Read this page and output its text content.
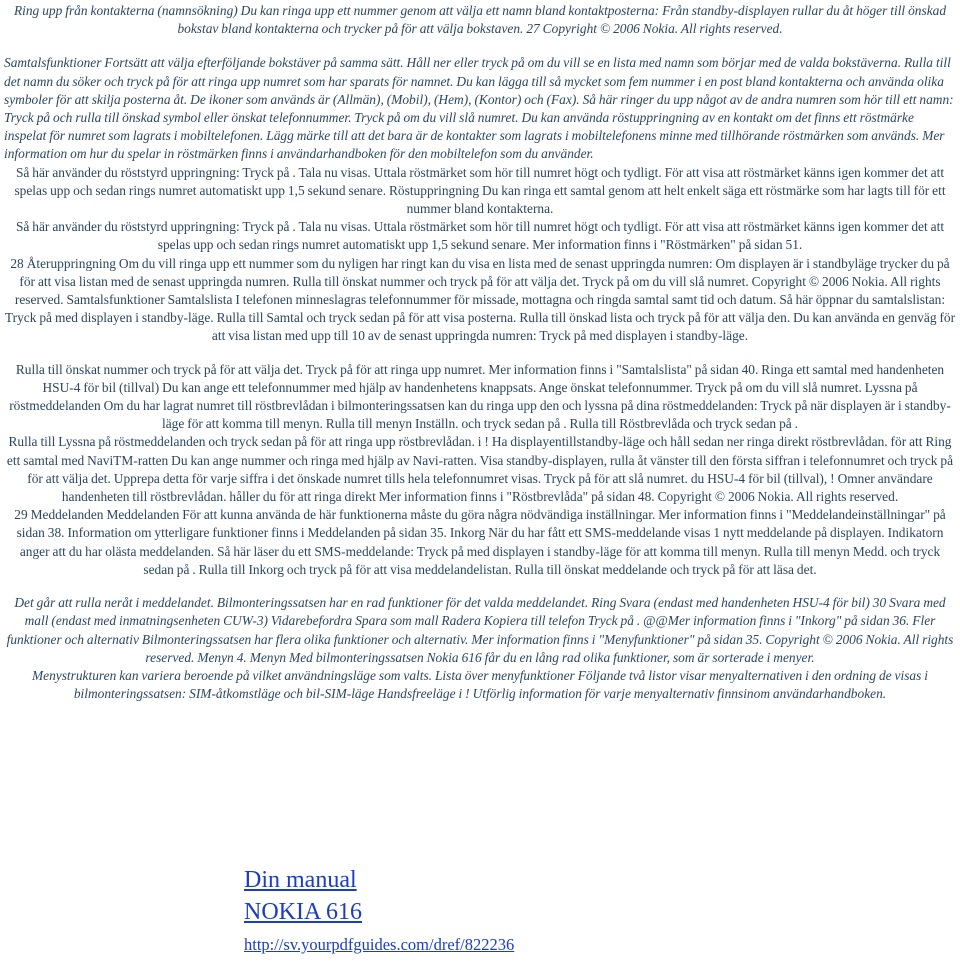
Ring upp från kontakterna (namnsökning) Du kan ringa upp ett nummer genom att välja ett namn bland kontaktposterna: Från standby-displayen rullar du åt höger till önskad bokstav bland kontakterna och trycker på för att välja bokstaven. 27 Copyright © 2006 Nokia. All rights reserved.

Samtalsfunktioner Fortsätt att välja efterföljande bokstäver på samma sätt. Håll ner eller tryck på om du vill se en lista med namn som börjar med de valda bokstäverna. Rulla till det namn du söker och tryck på för att ringa upp numret som har sparats för namnet. Du kan lägga till så mycket som fem nummer i en post bland kontakterna och använda olika symboler för att skilja posterna åt. De ikoner som används är (Allmän), (Mobil), (Hem), (Kontor) och (Fax). Så här ringer du upp något av de andra numren som hör till ett namn: Tryck på och rulla till önskad symbol eller önskat telefonnummer. Tryck på om du vill slå numret. Du kan använda röstuppringning av en kontakt om det finns ett röstmärke inspelat för numret som lagrats i mobiltelefonen. Lägg märke till att det bara är de kontakter som lagrats i mobiltelefonens minne med tillhörande röstmärken som används. Mer information om hur du spelar in röstmärken finns i användarhandboken för den mobiltelefon som du använder.

Så här använder du röststyrd uppringning: Tryck på . Tala nu visas. Uttala röstmärket som hör till numret högt och tydligt. För att visa att röstmärket känns igen kommer det att spelas upp och sedan rings numret automatiskt upp 1,5 sekund senare. Röstuppringning Du kan ringa ett samtal genom att helt enkelt säga ett röstmärke som har lagts till för ett nummer bland kontakterna.

Så här använder du röststyrd uppringning: Tryck på . Tala nu visas. Uttala röstmärket som hör till numret högt och tydligt. För att visa att röstmärket känns igen kommer det att spelas upp och sedan rings numret automatiskt upp 1,5 sekund senare. Mer information finns i "Röstmärken" på sidan 51.

28 Återuppringning Om du vill ringa upp ett nummer som du nyligen har ringt kan du visa en lista med de senast uppringda numren: Om displayen är i standbyläge trycker du på för att visa listan med de senast uppringda numren. Rulla till önskat nummer och tryck på för att välja det. Tryck på om du vill slå numret. Copyright © 2006 Nokia. All rights reserved. Samtalsfunktioner Samtalslista I telefonen minneslagras telefonnummer för missade, mottagna och ringda samtal samt tid och datum. Så här öppnar du samtalslistan: Tryck på med displayen i standby-läge. Rulla till Samtal och tryck sedan på för att visa posterna. Rulla till önskad lista och tryck på för att välja den. Du kan använda en genväg för att visa listan med upp till 10 av de senast uppringda numren: Tryck på med displayen i standby-läge.

Rulla till önskat nummer och tryck på för att välja det. Tryck på för att ringa upp numret. Mer information finns i "Samtalslista" på sidan 40. Ringa ett samtal med handenheten HSU-4 för bil (tillval) Du kan ange ett telefonnummer med hjälp av handenhetens knappsats. Ange önskat telefonnummer. Tryck på om du vill slå numret. Lyssna på röstmeddelanden Om du har lagrat numret till röstbrevlådan i bilmonteringssatsen kan du ringa upp den och lyssna på dina röstmeddelanden: Tryck på när displayen är i standby-läge för att komma till menyn. Rulla till menyn Inställn. och tryck sedan på . Rulla till Röstbrevlåda och tryck sedan på .

Rulla till Lyssna på röstmeddelanden och tryck sedan på för att ringa upp röstbrevlådan. i ! Ha displayentillstandby-läge och håll sedan ner ringa direkt röstbrevlådan. för att Ring ett samtal med NaviTM-ratten Du kan ange nummer och ringa med hjälp av Navi-ratten. Visa standby-displayen, rulla åt vänster till den första siffran i telefonnumret och tryck på för att välja det. Upprepa detta för varje siffra i det önskade numret tills hela telefonnumret visas. Tryck på för att slå numret. du HSU-4 för bil (tillval), ! Omner användare handenheten till röstbrevlådan. håller du för att ringa direkt Mer information finns i "Röstbrevlåda" på sidan 48. Copyright © 2006 Nokia. All rights reserved.

29 Meddelanden Meddelanden För att kunna använda de här funktionerna måste du göra några nödvändiga inställningar. Mer information finns i "Meddelandeinställningar" på sidan 38. Information om ytterligare funktioner finns i Meddelanden på sidan 35. Inkorg När du har fått ett SMS-meddelande visas 1 nytt meddelande på displayen. Indikatorn anger att du har olästa meddelanden. Så här läser du ett SMS-meddelande: Tryck på med displayen i standby-läge för att komma till menyn. Rulla till menyn Medd. och tryck sedan på . Rulla till Inkorg och tryck på för att visa meddelandelistan. Rulla till önskat meddelande och tryck på för att läsa det.

Det går att rulla neråt i meddelandet. Bilmonteringssatsen har en rad funktioner för det valda meddelandet. Ring Svara (endast med handenheten HSU-4 för bil) 30 Svara med mall (endast med inmatningsenheten CUW-3) Vidarebefordra Spara som mall Radera Kopiera till telefon Tryck på . @@Mer information finns i "Inkorg" på sidan 36. Fler funktioner och alternativ Bilmonteringssatsen har flera olika funktioner och alternativ. Mer information finns i "Menyfunktioner" på sidan 35. Copyright © 2006 Nokia. All rights reserved. Menyn 4. Menyn Med bilmonteringssatsen Nokia 616 får du en lång rad olika funktioner, som är sorterade i menyer.

Menystrukturen kan variera beroende på vilket användningsläge som valts. Lista över menyfunktioner Följande två listor visar menyalternativen i den ordning de visas i bilmonteringssatsen: SIM-åtkomstläge och bil-SIM-läge Handsfreeläge i ! Utförlig information för varje menyalternativ finnsinom användarhandboken.

Din manual
NOKIA 616
http://sv.yourpdfguides.com/dref/822236
